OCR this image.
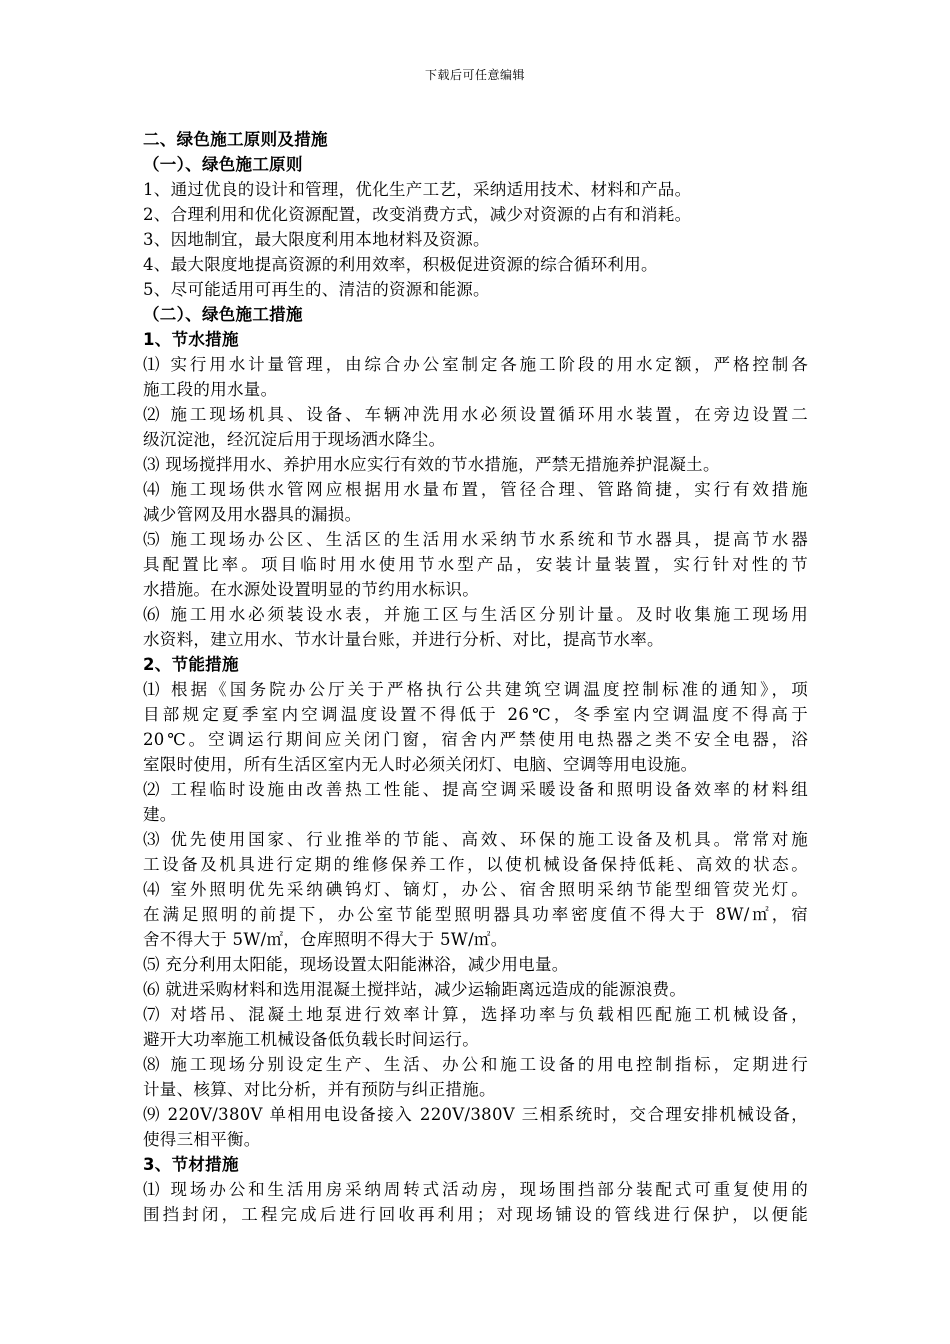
下载后可任意编辑
二、绿色施工原则及措施
（一）、绿色施工原则
1、通过优良的设计和管理，优化生产工艺，采纳适用技术、材料和产品。
2、合理利用和优化资源配置，改变消费方式，减少对资源的占有和消耗。
3、因地制宜，最大限度利用本地材料及资源。
4、最大限度地提高资源的利用效率，积极促进资源的综合循环利用。
5、尽可能适用可再生的、清洁的资源和能源。
（二）、绿色施工措施
1、节水措施
⑴ 实行用水计量管理，由综合办公室制定各施工阶段的用水定额，严格控制各
施工段的用水量。
⑵ 施工现场机具、设备、车辆冲洗用水必须设置循环用水装置，在旁边设置二
级沉淀池，经沉淀后用于现场洒水降尘。
⑶ 现场搅拌用水、养护用水应实行有效的节水措施，严禁无措施养护混凝土。
⑷ 施工现场供水管网应根据用水量布置，管径合理、管路简捷，实行有效措施
减少管网及用水器具的漏损。
⑸ 施工现场办公区、生活区的生活用水采纳节水系统和节水器具，提高节水器
具配置比率。项目临时用水使用节水型产品，安装计量装置，实行针对性的节
水措施。在水源处设置明显的节约用水标识。
⑹ 施工用水必须装设水表，并施工区与生活区分别计量。及时收集施工现场用
水资料，建立用水、节水计量台账，并进行分析、对比，提高节水率。
2、节能措施
⑴ 根据《国务院办公厅关于严格执行公共建筑空调温度控制标准的通知》，项
目部规定夏季室内空调温度设置不得低于 26℃，冬季室内空调温度不得高于
20℃。空调运行期间应关闭门窗，宿舍内严禁使用电热器之类不安全电器，浴
室限时使用，所有生活区室内无人时必须关闭灯、电脑、空调等用电设施。
⑵ 工程临时设施由改善热工性能、提高空调采暖设备和照明设备效率的材料组
建。
⑶ 优先使用国家、行业推举的节能、高效、环保的施工设备及机具。常常对施
工设备及机具进行定期的维修保养工作，以使机械设备保持低耗、高效的状态。
⑷ 室外照明优先采纳碘钨灯、镝灯，办公、宿舍照明采纳节能型细管荧光灯。
在满足照明的前提下，办公室节能型照明器具功率密度值不得大于 8W/㎡，宿
舍不得大于 5W/㎡，仓库照明不得大于 5W/㎡。
⑸ 充分利用太阳能，现场设置太阳能淋浴，减少用电量。
⑹ 就进采购材料和选用混凝土搅拌站，减少运输距离远造成的能源浪费。
⑺ 对塔吊、混凝土地泵进行效率计算，选择功率与负载相匹配施工机械设备，
避开大功率施工机械设备低负载长时间运行。
⑻ 施工现场分别设定生产、生活、办公和施工设备的用电控制指标，定期进行
计量、核算、对比分析，并有预防与纠正措施。
⑼ 220V/380V 单相用电设备接入 220V/380V 三相系统时，交合理安排机械设备，
使得三相平衡。
3、节材措施
⑴ 现场办公和生活用房采纳周转式活动房，现场围挡部分装配式可重复使用的
围挡封闭，工程完成后进行回收再利用；对现场铺设的管线进行保护，以便能
